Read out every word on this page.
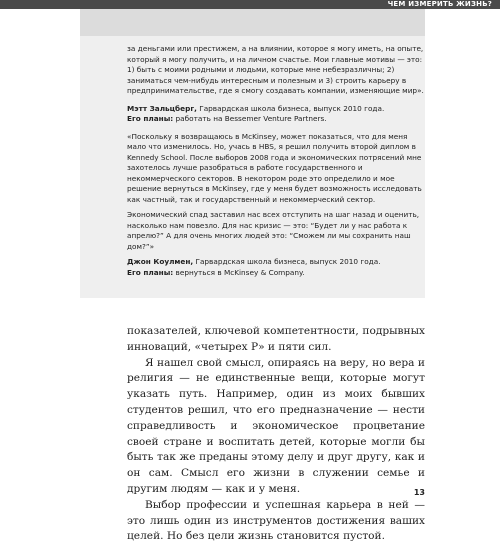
ЧЕМ ИЗМЕРИТЬ ЖИЗНЬ?

за деньгами или престижем, а на влиянии, которое я могу иметь, на опыте, который я могу получить, и на личном счастье. Мои главные мотивы — это: 1) быть с моими родными и людьми, которые мне небезразличны; 2) заниматься чем-нибудь интересным и полезным и 3) строить карьеру в предпринимательстве, где я смогу создавать компании, изменяющие мир».

Мэтт Зальцберг, Гарвардская школа бизнеса, выпуск 2010 года.

Его планы: работать на Bessemer Venture Partners.

«Поскольку я возвращаюсь в McKinsey, может показаться, что для меня мало что изменилось. Но, учась в HBS, я решил получить второй диплом в Kennedy School. После выборов 2008 года и экономических потрясений мне захотелось лучше разобраться в работе государственного и некоммерческого секторов. В некотором роде это определило и мое решение вернуться в McKinsey, где у меня будет возможность исследовать как частный, так и государственный и некоммерческий сектор.

Экономический спад заставил нас всех отступить на шаг назад и оценить, насколько нам повезло. Для нас кризис — это: “Будет ли у нас работа к апрелю?” А для очень многих людей это: “Сможем ли мы сохранить наш дом?”»

Джон Коулмен, Гарвардская школа бизнеса, выпуск 2010 года.

Его планы: вернуться в McKinsey & Company.

показателей, ключевой компетентности, подрывных инноваций, «четырех P» и пяти сил.

Я нашел свой смысл, опираясь на веру, но вера и религия — не единственные вещи, которые могут указать путь. Например, один из моих бывших студентов решил, что его предназначение — нести справедливость и экономическое процветание своей стране и воспитать детей, которые могли бы быть так же преданы этому делу и друг другу, как и он сам. Смысл его жизни в служении семье и другим людям — как и у меня.

Выбор профессии и успешная карьера в ней — это лишь один из инструментов достижения ваших целей. Но без цели жизнь становится пустой.

13
